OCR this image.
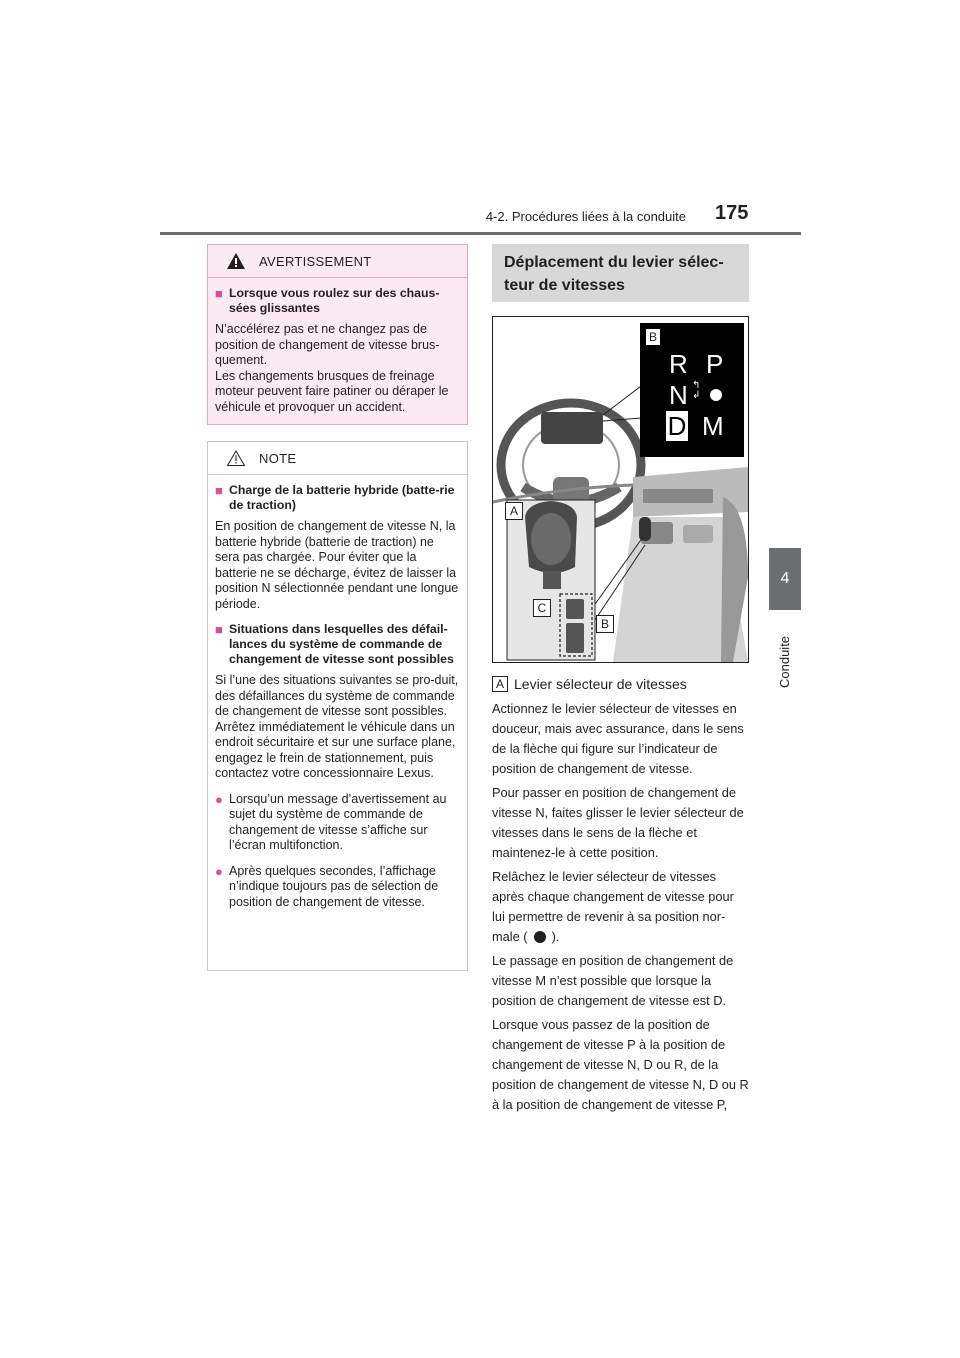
4-2. Procédures liées à la conduite 175
4
Conduite
AVERTISSEMENT
■ Lorsque vous roulez sur des chaus-sées glissantes
N’accélérez pas et ne changez pas de position de changement de vitesse brus-quement.
Les changements brusques de freinage moteur peuvent faire patiner ou déraper le véhicule et provoquer un accident.
NOTE
■ Charge de la batterie hybride (batte-rie de traction)

En position de changement de vitesse N, la batterie hybride (batterie de traction) ne sera pas chargée. Pour éviter que la batterie ne se décharge, évitez de laisser la position N sélectionnée pendant une longue période.

■ Situations dans lesquelles des défail-lances du système de commande de changement de vitesse sont possibles
Si l’une des situations suivantes se pro-duit, des défaillances du système de commande de changement de vitesse sont possibles.

Arrêtez immédiatement le véhicule dans un endroit sécuritaire et sur une surface plane, engagez le frein de stationnement, puis contactez votre concessionnaire Lexus.

● Lorsqu’un message d’avertissement au sujet du système de commande de changement de vitesse s’affiche sur l’écran multifonction.
● Après quelques secondes, l’affichage n’indique toujours pas de sélection de position de changement de vitesse.
Déplacement du levier sélec-teur de vitesses
B
R P
N ↰
↲
D M
A
C
B
A Levier sélecteur de vitesses

Actionnez le levier sélecteur de vitesses en douceur, mais avec assurance, dans le sens de la flèche qui figure sur l’indicateur de position de changement de vitesse.

Pour passer en position de changement de vitesse N, faites glisser le levier sélecteur de vitesses dans le sens de la flèche et maintenez-le à cette position.

Relâchez le levier sélecteur de vitesses après chaque changement de vitesse pour lui permettre de revenir à sa position nor-male ( ).

Le passage en position de changement de vitesse M n’est possible que lorsque la position de changement de vitesse est D.

Lorsque vous passez de la position de changement de vitesse P à la position de changement de vitesse N, D ou R, de la position de changement de vitesse N, D ou R à la position de changement de vitesse P,
